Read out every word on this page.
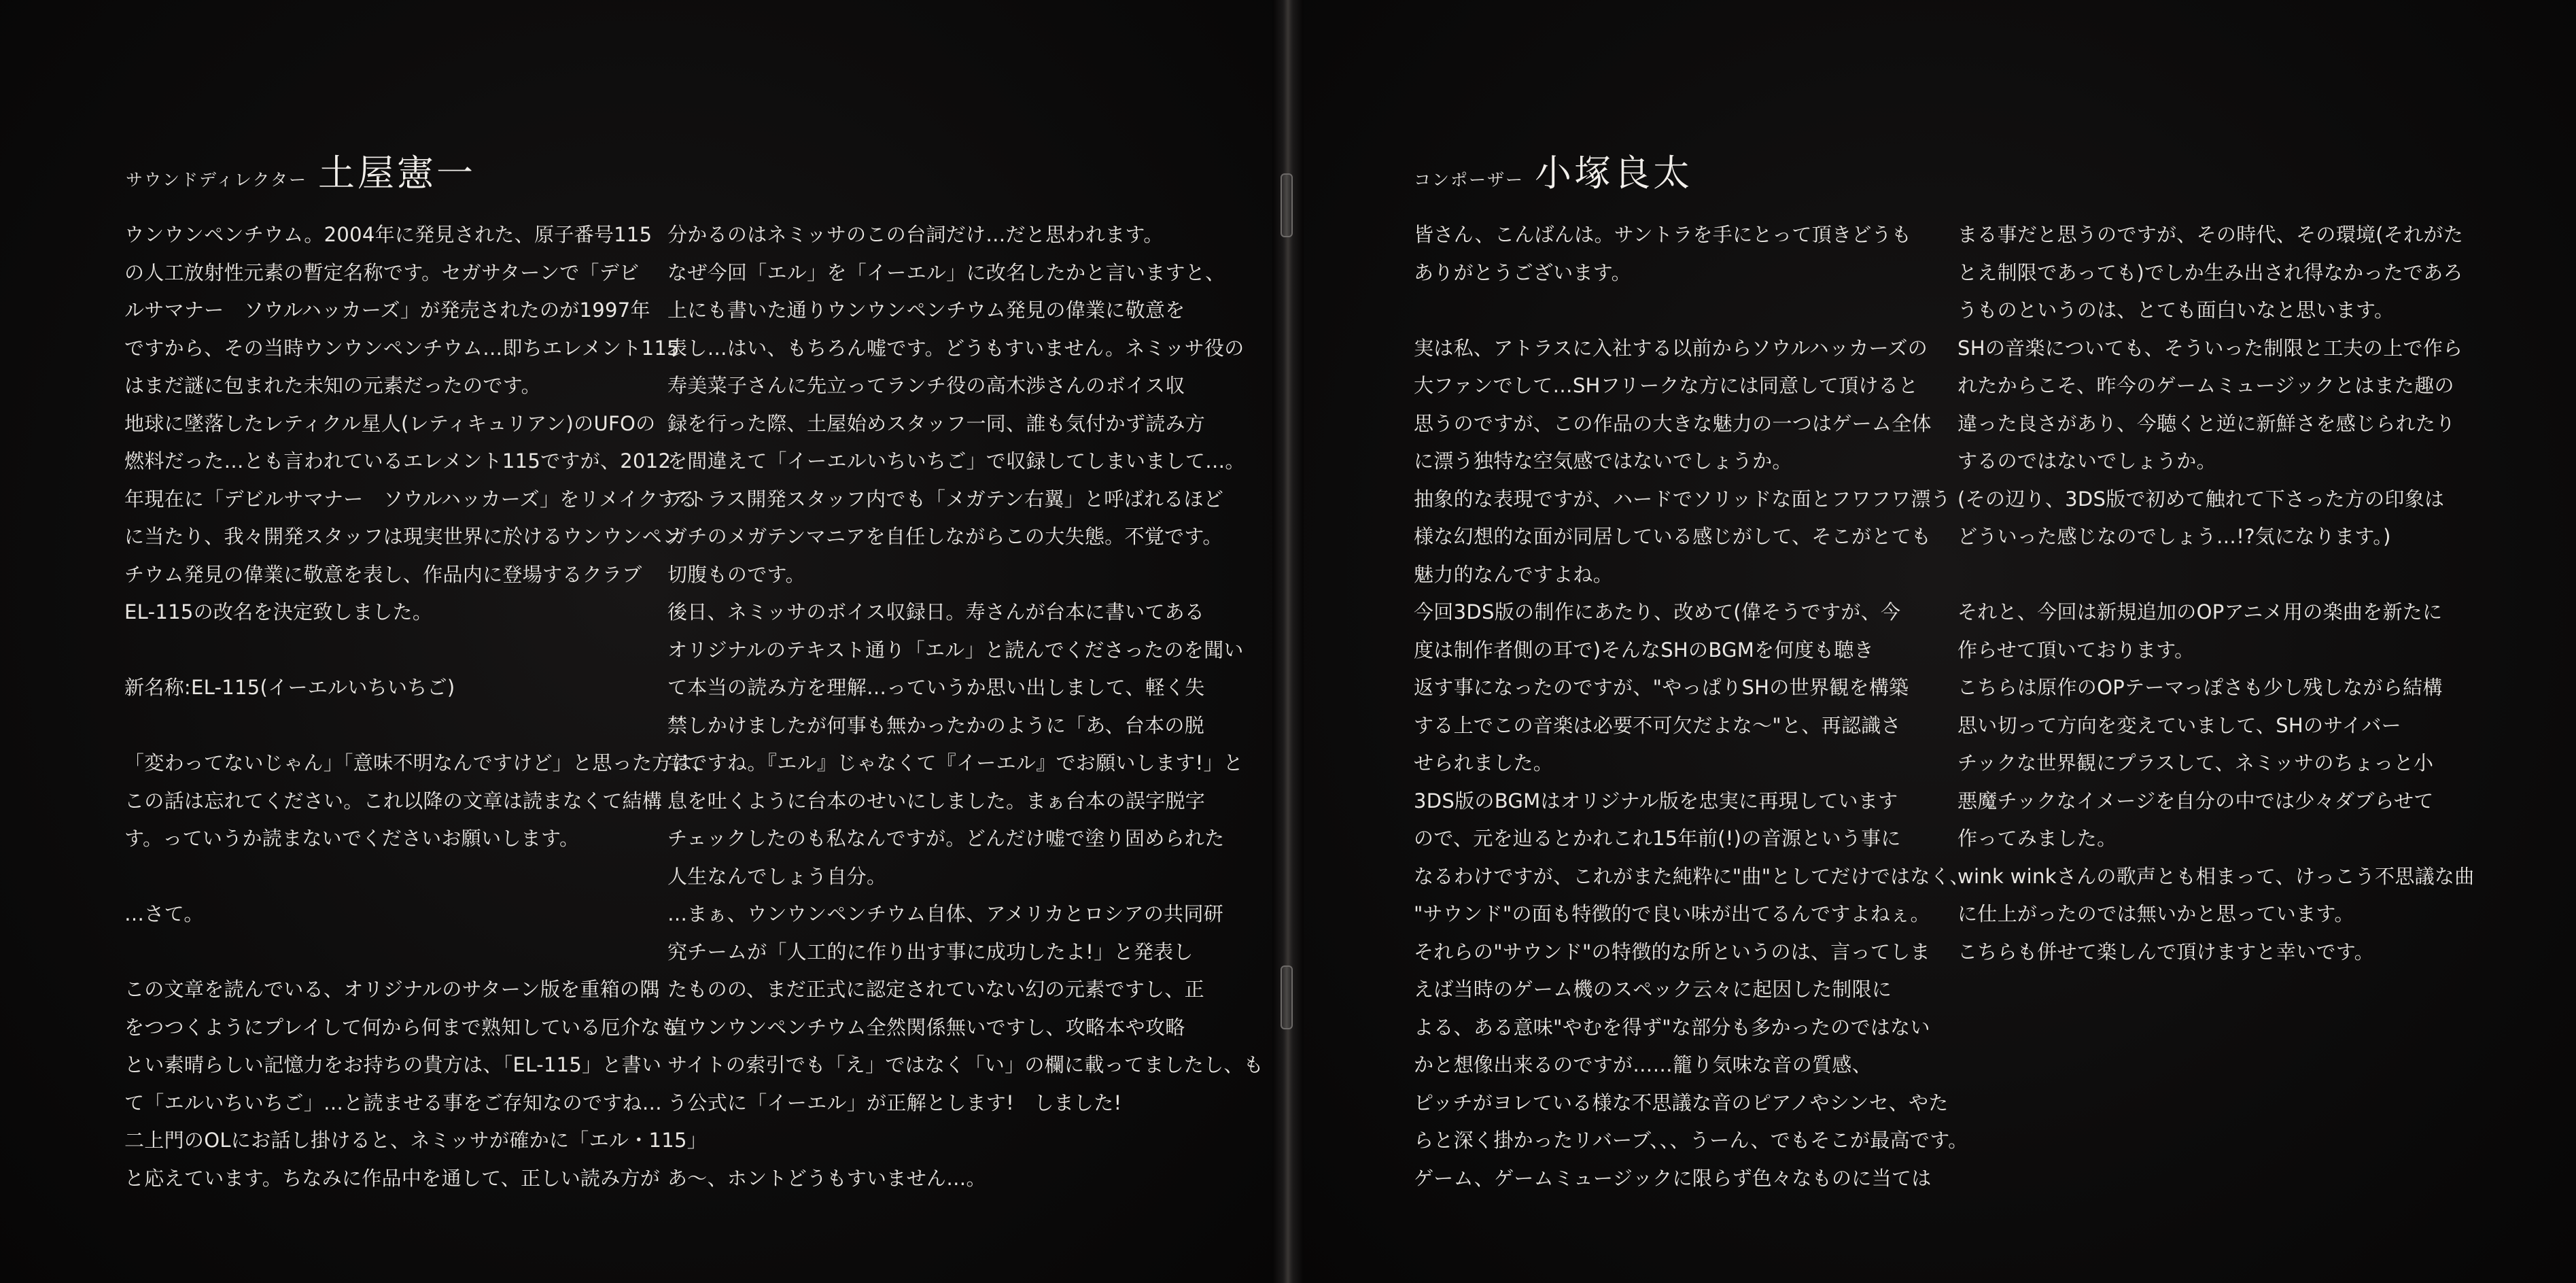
サウンドディレクター 土屋憲一	コンポーザー 小塚良太

ウンウンペンチウム。2004年に発見された、原子番号115

の人工放射性元素の暫定名称です。セガサターンで「デビ

ルサマナー　ソウルハッカーズ」が発売されたのが1997年

ですから、その当時ウンウンペンチウム…即ちエレメント115

はまだ謎に包まれた未知の元素だったのです。

地球に墜落したレティクル星人(レティキュリアン)のUFOの

燃料だった…とも言われているエレメント115ですが、2012

年現在に「デビルサマナー　ソウルハッカーズ」をリメイクする

に当たり、我々開発スタッフは現実世界に於けるウンウンペン

チウム発見の偉業に敬意を表し、作品内に登場するクラブ

EL-115の改名を決定致しました。

新名称:EL-115(イーエルいちいちご)

「変わってないじゃん」「意味不明なんですけど」と思った方は、

この話は忘れてください。これ以降の文章は読まなくて結構

す。っていうか読まないでくださいお願いします。

…さて。

この文章を読んでいる、オリジナルのサターン版を重箱の隅

をつつくようにプレイして何から何まで熟知している厄介なも

とい素晴らしい記憶力をお持ちの貴方は、「EL-115」と書い

て「エルいちいちご」…と読ませる事をご存知なのですね…

二上門のOLにお話し掛けると、ネミッサが確かに「エル・115」

と応えています。ちなみに作品中を通して、正しい読み方が

分かるのはネミッサのこの台詞だけ…だと思われます。

なぜ今回「エル」を「イーエル」に改名したかと言いますと、

上にも書いた通りウンウンペンチウム発見の偉業に敬意を

表し…はい、もちろん嘘です。どうもすいません。ネミッサ役の

寿美菜子さんに先立ってランチ役の高木渉さんのボイス収

録を行った際、土屋始めスタッフ一同、誰も気付かず読み方

を間違えて「イーエルいちいちご」で収録してしまいまして…。

アトラス開発スタッフ内でも「メガテン右翼」と呼ばれるほど

ガチのメガテンマニアを自任しながらこの大失態。不覚です。

切腹ものです。

後日、ネミッサのボイス収録日。寿さんが台本に書いてある

オリジナルのテキスト通り「エル」と読んでくださったのを聞い

て本当の読み方を理解…っていうか思い出しまして、軽く失

禁しかけましたが何事も無かったかのように「あ、台本の脱

字ですね。『エル』じゃなくて『イーエル』でお願いします!」と

息を吐くように台本のせいにしました。まぁ台本の誤字脱字

チェックしたのも私なんですが。どんだけ嘘で塗り固められた

人生なんでしょう自分。

…まぁ、ウンウンペンチウム自体、アメリカとロシアの共同研

究チームが「人工的に作り出す事に成功したよ!」と発表し

たものの、まだ正式に認定されていない幻の元素ですし、正

直ウンウンペンチウム全然関係無いですし、攻略本や攻略

サイトの索引でも「え」ではなく「い」の欄に載ってましたし、も

う公式に「イーエル」が正解とします!　しました!

あ〜、ホントどうもすいません…。

皆さん、こんばんは。サントラを手にとって頂きどうも

ありがとうございます。

実は私、アトラスに入社する以前からソウルハッカーズの

大ファンでして…SHフリークな方には同意して頂けると

思うのですが、この作品の大きな魅力の一つはゲーム全体

に漂う独特な空気感ではないでしょうか。

抽象的な表現ですが、ハードでソリッドな面とフワフワ漂う

様な幻想的な面が同居している感じがして、そこがとても

魅力的なんですよね。

今回3DS版の制作にあたり、改めて(偉そうですが、今

度は制作者側の耳で)そんなSHのBGMを何度も聴き

返す事になったのですが、"やっぱりSHの世界観を構築

する上でこの音楽は必要不可欠だよな〜"と、再認識さ

せられました。

3DS版のBGMはオリジナル版を忠実に再現しています

ので、元を辿るとかれこれ15年前(!)の音源という事に

なるわけですが、これがまた純粋に"曲"としてだけではなく、

"サウンド"の面も特徴的で良い味が出てるんですよねぇ。

それらの"サウンド"の特徴的な所というのは、言ってしま

えば当時のゲーム機のスペック云々に起因した制限に

よる、ある意味"やむを得ず"な部分も多かったのではない

かと想像出来るのですが……籠り気味な音の質感、

ピッチがヨレている様な不思議な音のピアノやシンセ、やた

らと深く掛かったリバーブ、、、うーん、でもそこが最高です。

ゲーム、ゲームミュージックに限らず色々なものに当ては

まる事だと思うのですが、その時代、その環境(それがた

とえ制限であっても)でしか生み出され得なかったであろ

うものというのは、とても面白いなと思います。

SHの音楽についても、そういった制限と工夫の上で作ら

れたからこそ、昨今のゲームミュージックとはまた趣の

違った良さがあり、今聴くと逆に新鮮さを感じられたり

するのではないでしょうか。

(その辺り、3DS版で初めて触れて下さった方の印象は

どういった感じなのでしょう…!?気になります。)

それと、今回は新規追加のOPアニメ用の楽曲を新たに

作らせて頂いております。

こちらは原作のOPテーマっぽさも少し残しながら結構

思い切って方向を変えていまして、SHのサイバー

チックな世界観にプラスして、ネミッサのちょっと小

悪魔チックなイメージを自分の中では少々ダブらせて

作ってみました。

wink winkさんの歌声とも相まって、けっこう不思議な曲

に仕上がったのでは無いかと思っています。

こちらも併せて楽しんで頂けますと幸いです。
